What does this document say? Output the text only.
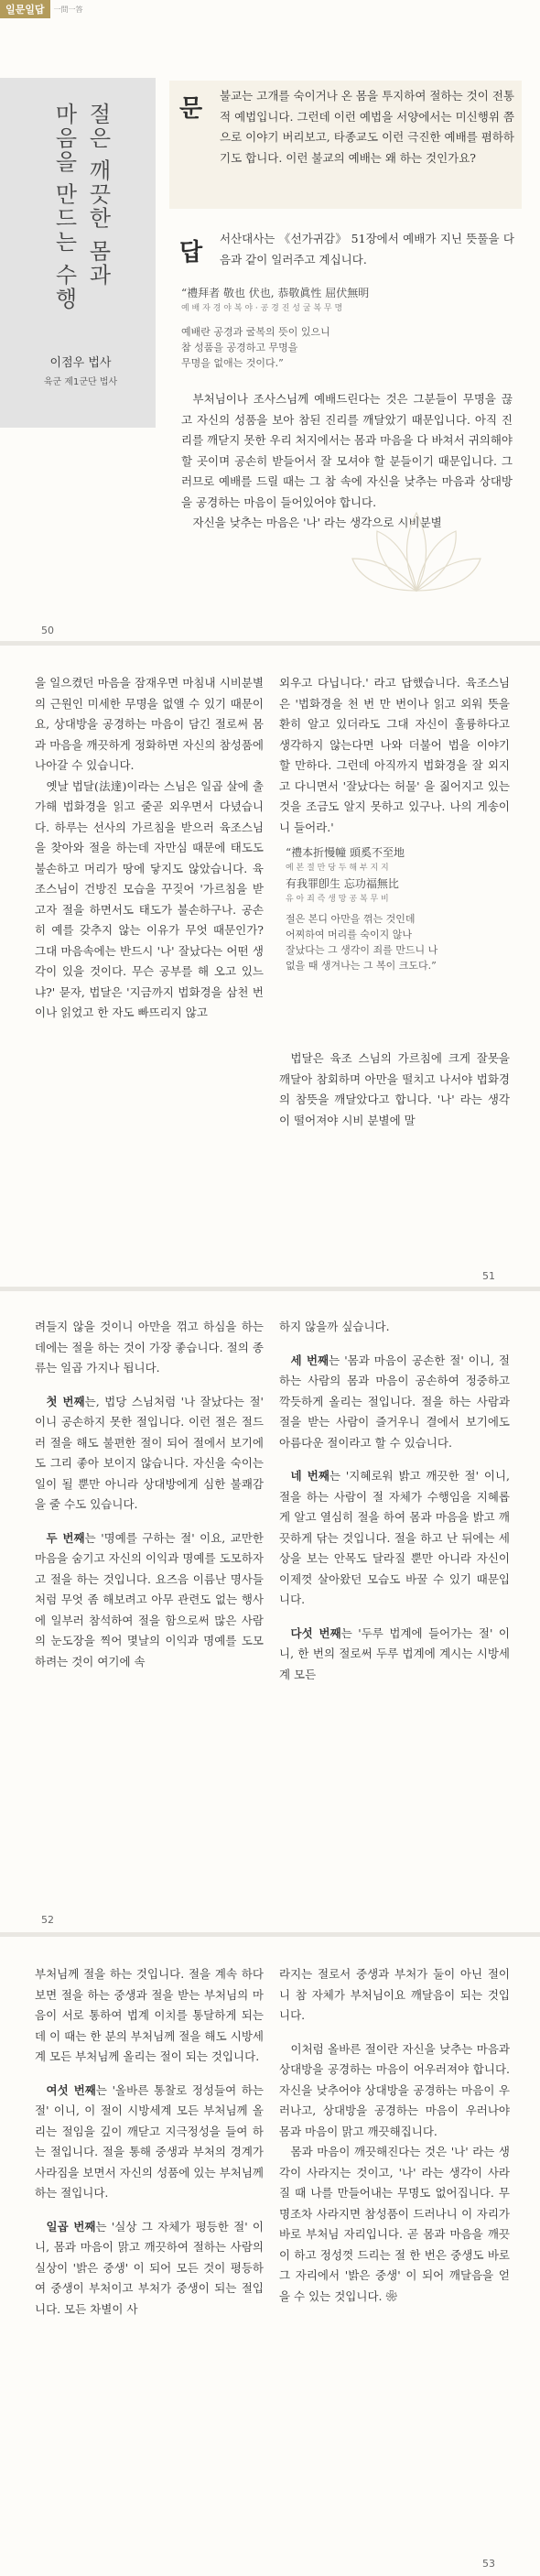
일문일답	一問一答
절은 깨끗한 몸과
마음을 만드는 수행
이점우 법사
육군 제1군단 법사
문 불교는 고개를 숙이거나 온 몸을 투지하여 절하는 것이 전통적 예법입니다. 그런데 이런 예법을 서양에서는 미신행위 쯤으로 이야기 버리보고, 타종교도 이런 극진한 예배를 폄하하기도 합니다. 이런 불교의 예배는 왜 하는 것인가요?

답

서산대사는 《선가귀감》 51장에서 예배가 지닌 뜻풀을 다음과 같이 일러주고 계십니다.

“禮拜者 敬也 伏也, 恭敬眞性 屈伏無明
예 배 자 경 야 복 야 · 공 경 진 성 굴 복 무 명
예배란 공경과 굴복의 뜻이 있으니
참 성품을 공경하고 무명을
무명을 없애는 것이다.”

부처님이나 조사스님께 예배드린다는 것은 그분들이 무명을 끊고 자신의 성품을 보아 참된 진리를 깨달았기 때문입니다. 아직 진리를 깨닫지 못한 우리 처지에서는 몸과 마음을 다 바쳐서 귀의해야 할 곳이며 공손히 받들어서 잘 모셔야 할 분들이기 때문입니다. 그러므로 예배를 드릴 때는 그 참 속에 자신을 낮추는 마음과 상대방을 공경하는 마음이 들어있어야 합니다.

자신을 낮추는 마음은 '나' 라는 생각으로 시비분별

50

을 일으켰던 마음을 잠재우면 마침내 시비분별의 근원인 미세한 무명을 없앨 수 있기 때문이요, 상대방을 공경하는 마음이 담긴 절로써 몸과 마음을 깨끗하게 정화하면 자신의 참성품에 나아갈 수 있습니다.

옛날 법달(法達)이라는 스님은 일곱 살에 출가해 법화경을 읽고 줄곧 외우면서 다녔습니다. 하루는 선사의 가르침을 받으러 육조스님을 찾아와 절을 하는데 자만심 때문에 태도도 불손하고 머리가 땅에 닿지도 않았습니다. 육조스님이 건방진 모습을 꾸짖어 '가르침을 받고자 절을 하면서도 태도가 불손하구나. 공손히 예를 갖추지 않는 이유가 무엇 때문인가? 그대 마음속에는 반드시 '나' 잘났다는 어떤 생각이 있을 것이다. 무슨 공부를 해 오고 있느냐?' 묻자, 법달은 '지금까지 법화경을 삼천 번이나 읽었고 한 자도 빠뜨리지 않고

외우고 다닙니다.' 라고 답했습니다. 육조스님은 '법화경을 천 번 만 번이나 읽고 외워 뜻을 환히 알고 있더라도 그대 자신이 훌륭하다고 생각하지 않는다면 나와 더불어 법을 이야기 할 만하다. 그런데 아직까지 법화경을 잘 외지고 다니면서 '잘났다는 허물' 을 짊어지고 있는 것을 조금도 알지 못하고 있구나. 나의 게송이니 들어라.'

“禮本折慢幢 頭奚不至地
예 본 절 만 당 두 해 부 지 지
有我罪卽生 忘功福無比
유 아 죄 즉 생 망 공 복 무 비
절은 본디 아만을 꺾는 것인데
어찌하여 머리를 숙이지 않나
잘났다는 그 생각이 죄를 만드니 나
없을 때 생겨나는 그 복이 크도다.”

법달은 육조 스님의 가르침에 크게 잘못을 깨달아 참회하며 아만을 떨치고 나서야 법화경의 참뜻을 깨달았다고 합니다. '나' 라는 생각이 떨어져야 시비 분별에 말

51

려들지 않을 것이니 아만을 꺾고 하심을 하는 데에는 절을 하는 것이 가장 좋습니다. 절의 종류는 일곱 가지나 됩니다.

첫 번째는, 법당 스님처럼 '나 잘났다는 절' 이니 공손하지 못한 절입니다. 이런 절은 절드러 절을 해도 불편한 절이 되어 절에서 보기에도 그리 좋아 보이지 않습니다. 자신을 숙이는 일이 될 뿐만 아니라 상대방에게 심한 불쾌감을 줄 수도 있습니다.

두 번째는 '명예를 구하는 절' 이요, 교만한 마음을 숨기고 자신의 이익과 명예를 도모하자고 절을 하는 것입니다. 요즈음 이름난 명사들처럼 무엇 좀 해보려고 아무 관련도 없는 행사에 일부러 참석하여 절을 함으로써 많은 사람의 눈도장을 찍어 몇날의 이익과 명예를 도모하려는 것이 여기에 속

하지 않을까 싶습니다.

세 번째는 '몸과 마음이 공손한 절' 이니, 절하는 사람의 몸과 마음이 공손하여 정중하고 깍듯하게 올리는 절입니다. 절을 하는 사람과 절을 받는 사람이 즐거우니 결에서 보기에도 아름다운 절이라고 할 수 있습니다.

네 번째는 '지혜로워 밝고 깨끗한 절' 이니, 절을 하는 사람이 절 자체가 수행임을 지혜롭게 알고 열심히 절을 하여 몸과 마음을 밝고 깨끗하게 닦는 것입니다. 절을 하고 난 뒤에는 세상을 보는 안목도 달라질 뿐만 아니라 자신이 이제껏 살아왔던 모습도 바꿀 수 있기 때문입니다.

다섯 번째는 '두루 법계에 들어가는 절' 이니, 한 번의 절로써 두루 법계에 계시는 시방세계 모든

52

부처님께 절을 하는 것입니다. 절을 계속 하다보면 절을 하는 중생과 절을 받는 부처님의 마음이 서로 통하여 법계 이치를 통달하게 되는데 이 때는 한 분의 부처님께 절을 해도 시방세계 모든 부처님께 올리는 절이 되는 것입니다.

여섯 번째는 '올바른 통찰로 정성들여 하는 절' 이니, 이 절이 시방세계 모든 부처님께 올리는 절임을 깊이 깨닫고 지극정성을 들여 하는 절입니다. 절을 통해 중생과 부처의 경계가 사라짐을 보면서 자신의 성품에 있는 부처님께 하는 절입니다.

일곱 번째는 '실상 그 자체가 평등한 절' 이니, 몸과 마음이 맑고 깨끗하여 절하는 사람의 실상이 '밝은 중생' 이 되어 모든 것이 평등하여 중생이 부처이고 부처가 중생이 되는 절입니다. 모든 차별이 사

라지는 절로서 중생과 부처가 둘이 아닌 절이니 참 자체가 부처님이요 깨달음이 되는 것입니다.

이처럼 올바른 절이란 자신을 낮추는 마음과 상대방을 공경하는 마음이 어우러져야 합니다. 자신을 낮추어야 상대방을 공경하는 마음이 우러나고, 상대방을 공경하는 마음이 우러나야 몸과 마음이 맑고 깨끗해집니다.

몸과 마음이 깨끗해진다는 것은 '나' 라는 생각이 사라지는 것이고, '나' 라는 생각이 사라질 때 나를 만들어내는 무명도 없어집니다. 무명조차 사라지면 참성품이 드러나니 이 자리가 바로 부처님 자리입니다. 곧 몸과 마음을 깨끗이 하고 정성껏 드리는 절 한 번은 중생도 바로 그 자리에서 '밝은 중생' 이 되어 깨달음을 얻을 수 있는 것입니다. ❀

53
